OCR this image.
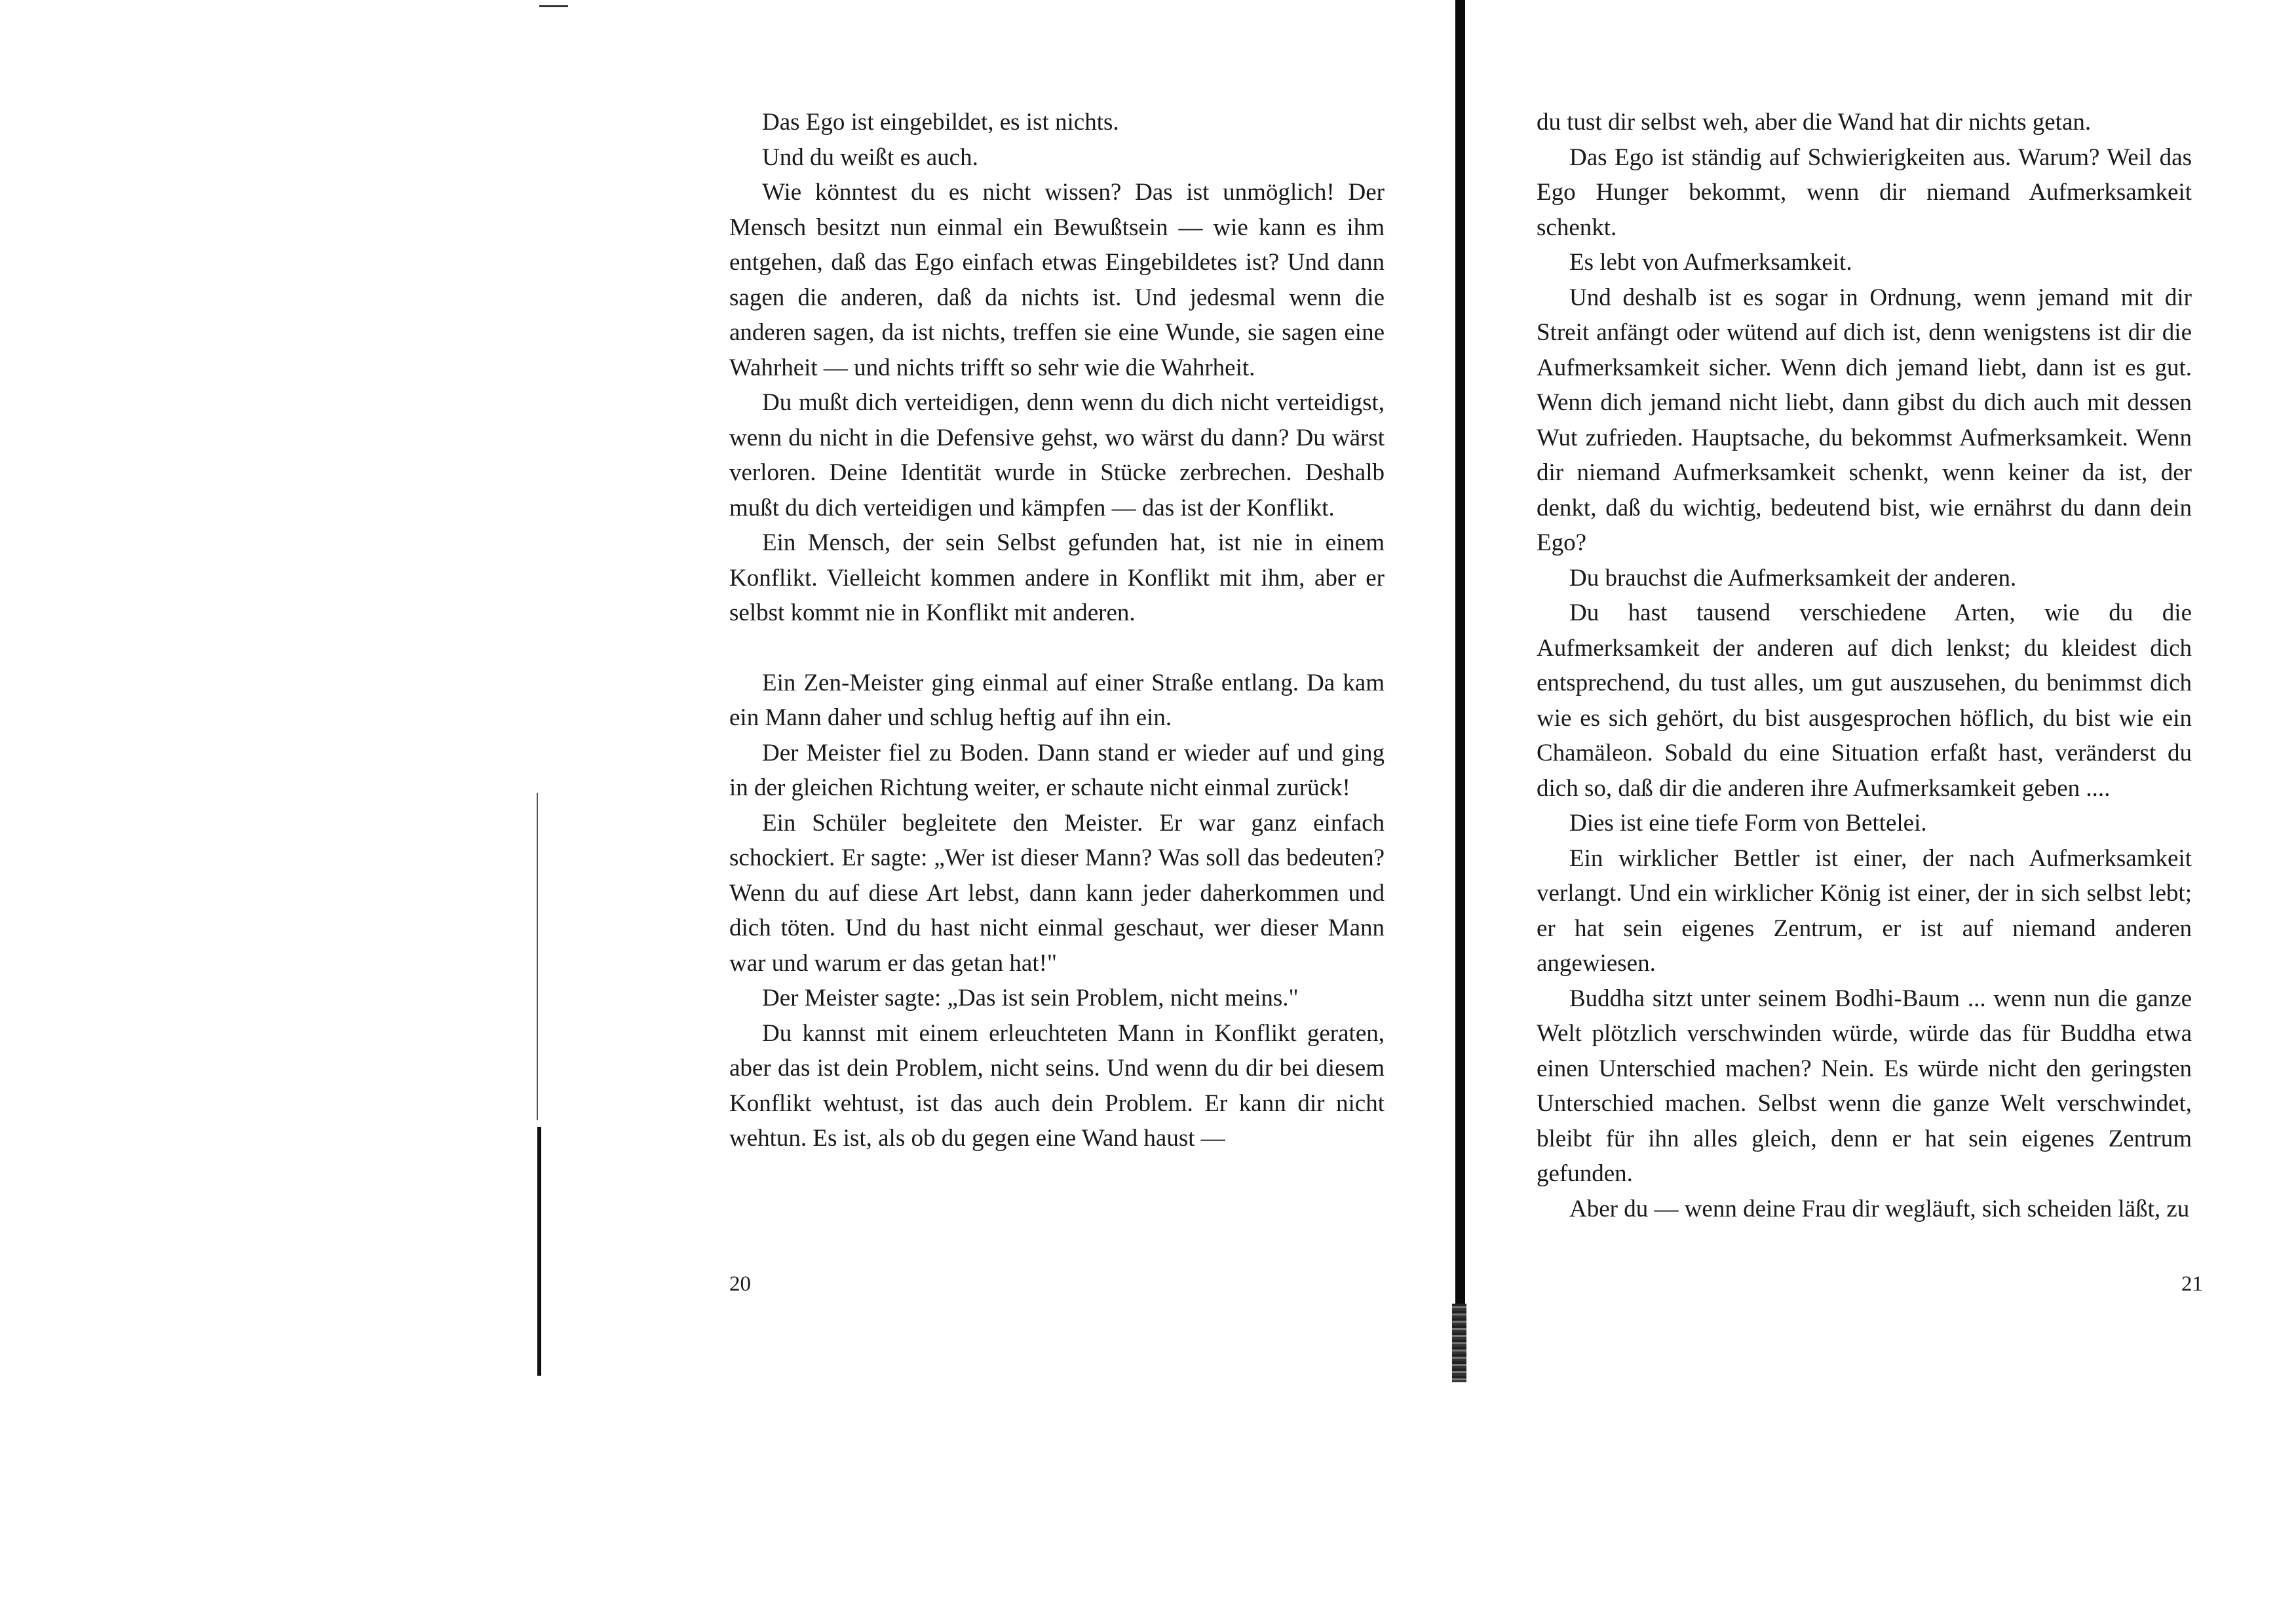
Das Ego ist eingebildet, es ist nichts.

Und du weißt es auch.

Wie könntest du es nicht wissen? Das ist unmöglich! Der Mensch besitzt nun einmal ein Bewußtsein — wie kann es ihm entgehen, daß das Ego einfach etwas Eingebildetes ist? Und dann sagen die anderen, daß da nichts ist. Und jedesmal wenn die anderen sagen, da ist nichts, treffen sie eine Wunde, sie sagen eine Wahrheit — und nichts trifft so sehr wie die Wahrheit.

Du mußt dich verteidigen, denn wenn du dich nicht verteidigst, wenn du nicht in die Defensive gehst, wo wärst du dann? Du wärst verloren. Deine Identität wurde in Stücke zerbrechen. Deshalb mußt du dich verteidigen und kämpfen — das ist der Konflikt.

Ein Mensch, der sein Selbst gefunden hat, ist nie in einem Konflikt. Vielleicht kommen andere in Konflikt mit ihm, aber er selbst kommt nie in Konflikt mit anderen.

Ein Zen-Meister ging einmal auf einer Straße entlang. Da kam ein Mann daher und schlug heftig auf ihn ein.

Der Meister fiel zu Boden. Dann stand er wieder auf und ging in der gleichen Richtung weiter, er schaute nicht einmal zurück!

Ein Schüler begleitete den Meister. Er war ganz einfach schockiert. Er sagte: „Wer ist dieser Mann? Was soll das bedeuten? Wenn du auf diese Art lebst, dann kann jeder daherkommen und dich töten. Und du hast nicht einmal geschaut, wer dieser Mann war und warum er das getan hat!"

Der Meister sagte: „Das ist sein Problem, nicht meins."

Du kannst mit einem erleuchteten Mann in Konflikt geraten, aber das ist dein Problem, nicht seins. Und wenn du dir bei diesem Konflikt wehtust, ist das auch dein Problem. Er kann dir nicht wehtun. Es ist, als ob du gegen eine Wand haust —

20

du tust dir selbst weh, aber die Wand hat dir nichts getan.

Das Ego ist ständig auf Schwierigkeiten aus. Warum? Weil das Ego Hunger bekommt, wenn dir niemand Aufmerksamkeit schenkt.

Es lebt von Aufmerksamkeit.

Und deshalb ist es sogar in Ordnung, wenn jemand mit dir Streit anfängt oder wütend auf dich ist, denn wenigstens ist dir die Aufmerksamkeit sicher. Wenn dich jemand liebt, dann ist es gut. Wenn dich jemand nicht liebt, dann gibst du dich auch mit dessen Wut zufrieden. Hauptsache, du bekommst Aufmerksamkeit. Wenn dir niemand Aufmerksamkeit schenkt, wenn keiner da ist, der denkt, daß du wichtig, bedeutend bist, wie ernährst du dann dein Ego?

Du brauchst die Aufmerksamkeit der anderen.

Du hast tausend verschiedene Arten, wie du die Aufmerksamkeit der anderen auf dich lenkst; du kleidest dich entsprechend, du tust alles, um gut auszusehen, du benimmst dich wie es sich gehört, du bist ausgesprochen höflich, du bist wie ein Chamäleon. Sobald du eine Situation erfaßt hast, veränderst du dich so, daß dir die anderen ihre Aufmerksamkeit geben ....

Dies ist eine tiefe Form von Bettelei.

Ein wirklicher Bettler ist einer, der nach Aufmerksamkeit verlangt. Und ein wirklicher König ist einer, der in sich selbst lebt; er hat sein eigenes Zentrum, er ist auf niemand anderen angewiesen.

Buddha sitzt unter seinem Bodhi-Baum ... wenn nun die ganze Welt plötzlich verschwinden würde, würde das für Buddha etwa einen Unterschied machen? Nein. Es würde nicht den geringsten Unterschied machen. Selbst wenn die ganze Welt verschwindet, bleibt für ihn alles gleich, denn er hat sein eigenes Zentrum gefunden.

Aber du — wenn deine Frau dir wegläuft, sich scheiden läßt, zu

21
